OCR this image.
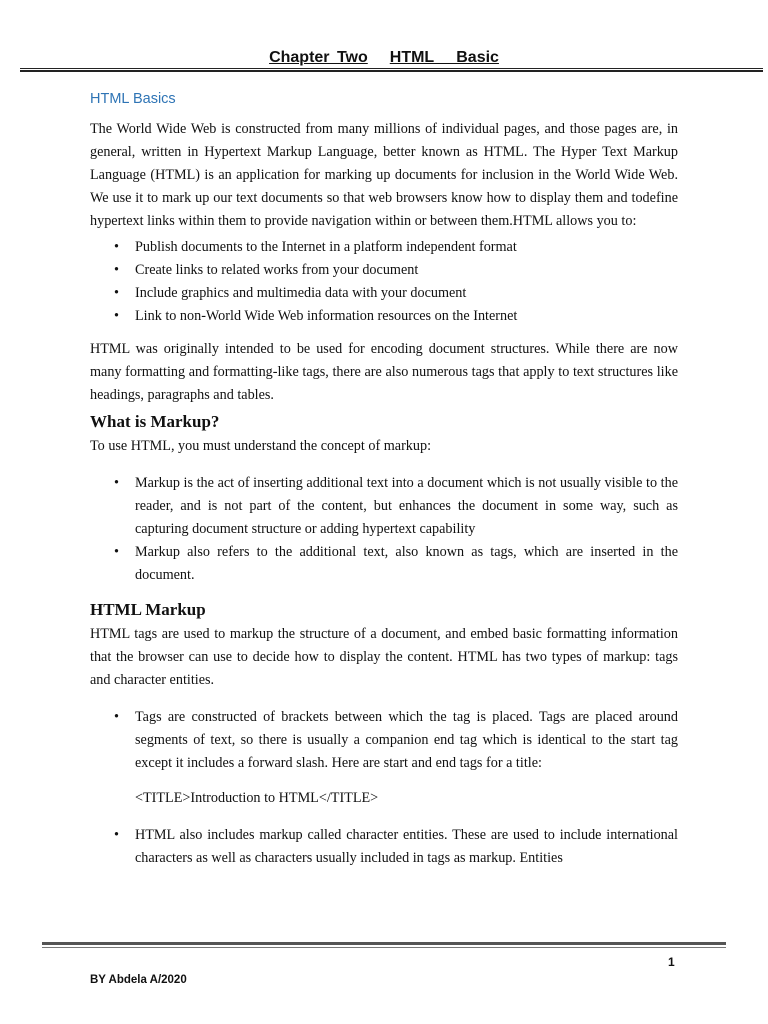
Chapter Two HTML   Basic
HTML Basics

The World Wide Web is constructed from many millions of individual pages, and those pages are, in general, written in Hypertext Markup Language, better known as HTML. The Hyper Text Markup Language (HTML) is an application for marking up documents for inclusion in the World Wide Web. We use it to mark up our text documents so that web browsers know how to display them and todefine hypertext links within them to provide navigation within or between them.HTML allows you to:

• Publish documents to the Internet in a platform independent format
• Create links to related works from your document
• Include graphics and multimedia data with your document
• Link to non-World Wide Web information resources on the Internet

HTML was originally intended to be used for encoding document structures. While there are now many formatting and formatting-like tags, there are also numerous tags that apply to text structures like headings, paragraphs and tables.

What is Markup?

To use HTML, you must understand the concept of markup:

• Markup is the act of inserting additional text into a document which is not usually visible to the reader, and is not part of the content, but enhances the document in some way, such as capturing document structure or adding hypertext capability
• Markup also refers to the additional text, also known as tags, which are inserted in the document.
HTML Markup

HTML tags are used to markup the structure of a document, and embed basic formatting information that the browser can use to decide how to display the content. HTML has two types of markup: tags and character entities.

• Tags are constructed of brackets between which the tag is placed. Tags are placed around segments of text, so there is usually a companion end tag which is identical to the start tag except it includes a forward slash. Here are start and end tags for a title:

<TITLE>Introduction to HTML</TITLE>

• HTML also includes markup called character entities. These are used to include international characters as well as characters usually included in tags as markup. Entities
1
BY Abdela A/2020
